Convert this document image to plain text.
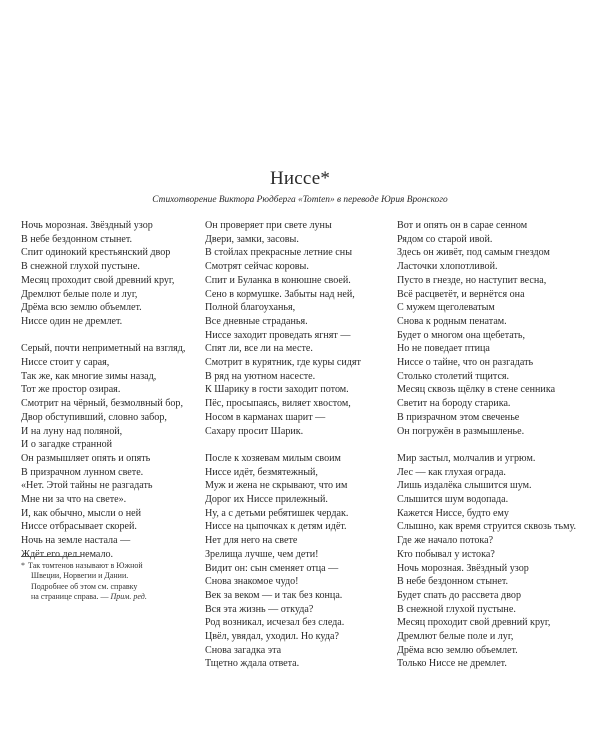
Ниссе*

Стихотворение Виктора Рюдберга «Tomten» в переводе Юрия Вронского

Ночь морозная. Звёздный узор
В небе бездонном стынет.
Спит одинокий крестьянский двор
В снежной глухой пустыне.
Месяц проходит свой древний круг,
Дремлют белые поле и луг,
Дрёма всю землю объемлет.
Ниссе один не дремлет.
Серый, почти неприметный на взгляд,
Ниссе стоит у сарая,
Так же, как многие зимы назад,
Тот же простор озирая.
Смотрит на чёрный, безмолвный бор,
Двор обступивший, словно забор,
И на луну над поляной,
И о загадке странной
Он размышляет опять и опять
В призрачном лунном свете.
«Нет. Этой тайны не разгадать
Мне ни за что на свете».
И, как обычно, мысли о ней
Ниссе отбрасывает скорей.
Ночь на земле настала —
Ждёт его дел немало.
Он проверяет при свете луны
Двери, замки, засовы.
В стойлах прекрасные летние сны
Смотрят сейчас коровы.
Спит и Буланка в конюшне своей.
Сено в кормушке. Забыты над ней,
Полной благоуханья,
Все дневные страданья.
Ниссе заходит проведать ягнят —
Спят ли, все ли на месте.
Смотрит в курятник, где куры сидят
В ряд на уютном насесте.
К Шарику в гости заходит потом.
Пёс, просыпаясь, виляет хвостом,
Носом в карманах шарит —
Сахару просит Шарик.
После к хозяевам милым своим
Ниссе идёт, безмятежный,
Муж и жена не скрывают, что им
Дорог их Ниссе прилежный.
Ну, а с детьми ребятишек чердак.
Ниссе на цыпочках к детям идёт.
Нет для него на свете
Зрелища лучше, чем дети!
Видит он: сын сменяет отца —
Снова знакомое чудо!
Век за веком — и так без конца.
Вся эта жизнь — откуда?
Род возникал, исчезал без следа.
Цвёл, увядал, уходил. Но куда?
Снова загадка эта
Тщетно ждала ответа.
Вот и опять он в сарае сенном
Рядом со старой ивой.
Здесь он живёт, под самым гнездом
Ласточки хлопотливой.
Пусто в гнезде, но наступит весна,
Всё расцветёт, и вернётся она
С мужем щеголеватым
Снова к родным пенатам.
Будет о многом она щебетать,
Но не поведает птица
Ниссе о тайне, что он разгадать
Столько столетий тщится.
Месяц сквозь щёлку в стене сенника
Светит на бороду старика.
В призрачном этом свеченье
Он погружён в размышленье.
Мир застыл, молчалив и угрюм.
Лес — как глухая ограда.
Лишь издалёка слышится шум.
Слышится шум водопада.
Кажется Ниссе, будто ему
Слышно, как время струится сквозь тьму.
Где же начало потока?
Кто побывал у истока?
Ночь морозная. Звёздный узор
В небе бездонном стынет.
Будет спать до рассвета двор
В снежной глухой пустыне.
Месяц проходит свой древний круг,
Дремлют белые поле и луг,
Дрёма всю землю объемлет.
Только Ниссе не дремлет.
* Так томтенов называют в Южной
Швеции, Норвегии и Дании.
Подробнее об этом см. справку
на странице справа. — Прим. ред.
